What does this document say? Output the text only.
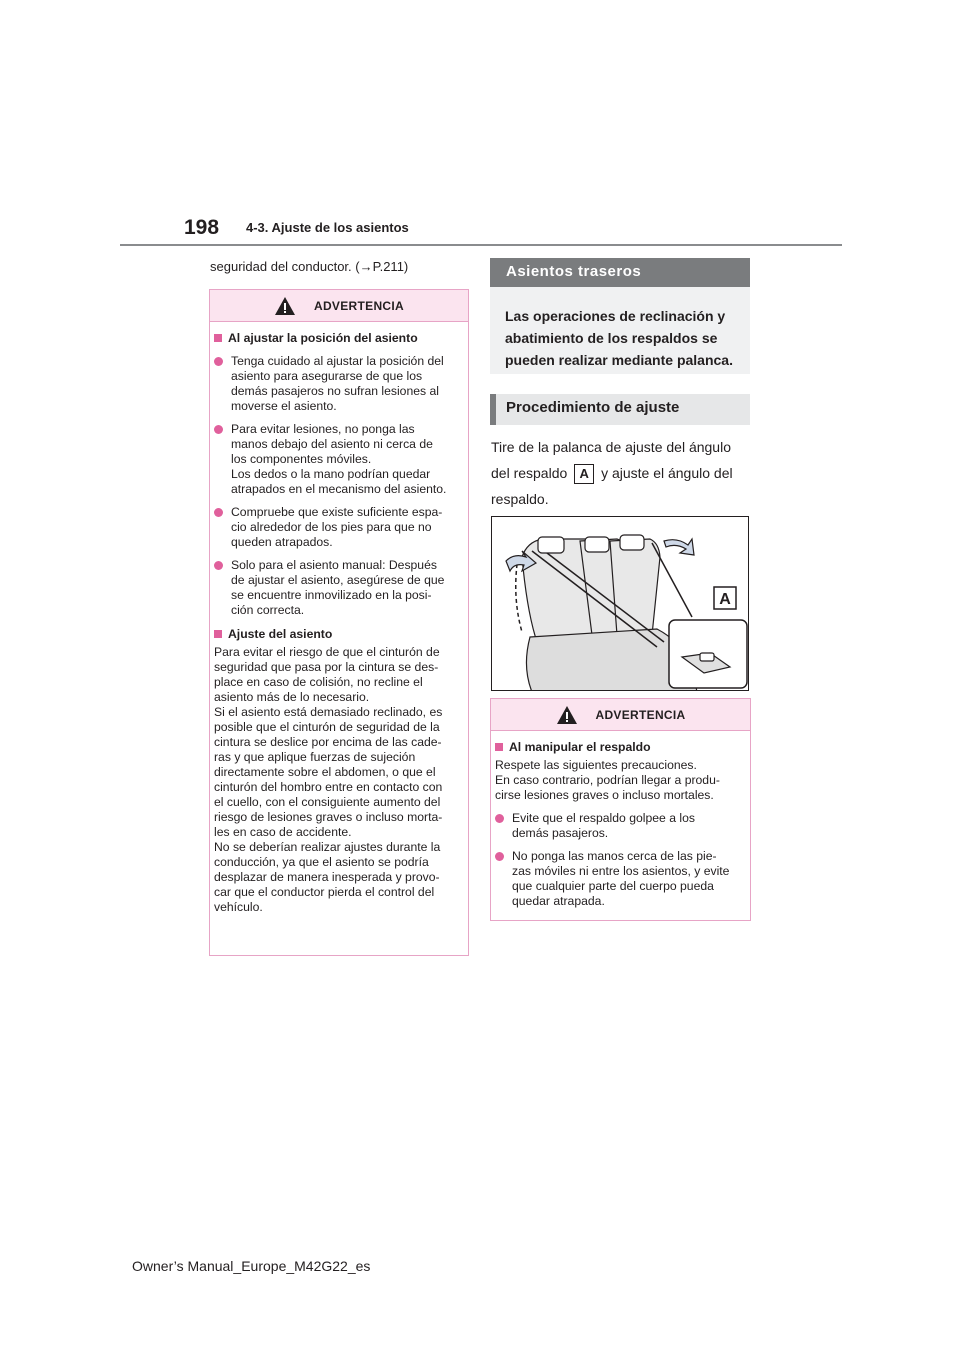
198 4-3. Ajuste de los asientos
seguridad del conductor. (→P.211)
ADVERTENCIA
Al ajustar la posición del asiento
Tenga cuidado al ajustar la posición del
asiento para asegurarse de que los
demás pasajeros no sufran lesiones al
moverse el asiento.
Para evitar lesiones, no ponga las
manos debajo del asiento ni cerca de
los componentes móviles.
Los dedos o la mano podrían quedar
atrapados en el mecanismo del asiento.
Compruebe que existe suficiente espa-
cio alrededor de los pies para que no
queden atrapados.
Solo para el asiento manual: Después
de ajustar el asiento, asegúrese de que
se encuentre inmovilizado en la posi-
ción correcta.
Ajuste del asiento
Para evitar el riesgo de que el cinturón de
seguridad que pasa por la cintura se des-
place en caso de colisión, no recline el
asiento más de lo necesario.
Si el asiento está demasiado reclinado, es
posible que el cinturón de seguridad de la
cintura se deslice por encima de las cade-
ras y que aplique fuerzas de sujeción
directamente sobre el abdomen, o que el
cinturón del hombro entre en contacto con
el cuello, con el consiguiente aumento del
riesgo de lesiones graves o incluso morta-
les en caso de accidente.
No se deberían realizar ajustes durante la
conducción, ya que el asiento se podría
desplazar de manera inesperada y provo-
car que el conductor pierda el control del
vehículo.
Asientos traseros
Las operaciones de reclinación y
abatimiento de los respaldos se
pueden realizar mediante palanca.
Procedimiento de ajuste
Tire de la palanca de ajuste del ángulo
del respaldo A y ajuste el ángulo del
respaldo.
A
ADVERTENCIA
Al manipular el respaldo
Respete las siguientes precauciones.
En caso contrario, podrían llegar a produ-
cirse lesiones graves o incluso mortales.
Evite que el respaldo golpee a los
demás pasajeros.
No ponga las manos cerca de las pie-
zas móviles ni entre los asientos, y evite
que cualquier parte del cuerpo pueda
quedar atrapada.
Owner’s Manual_Europe_M42G22_es
